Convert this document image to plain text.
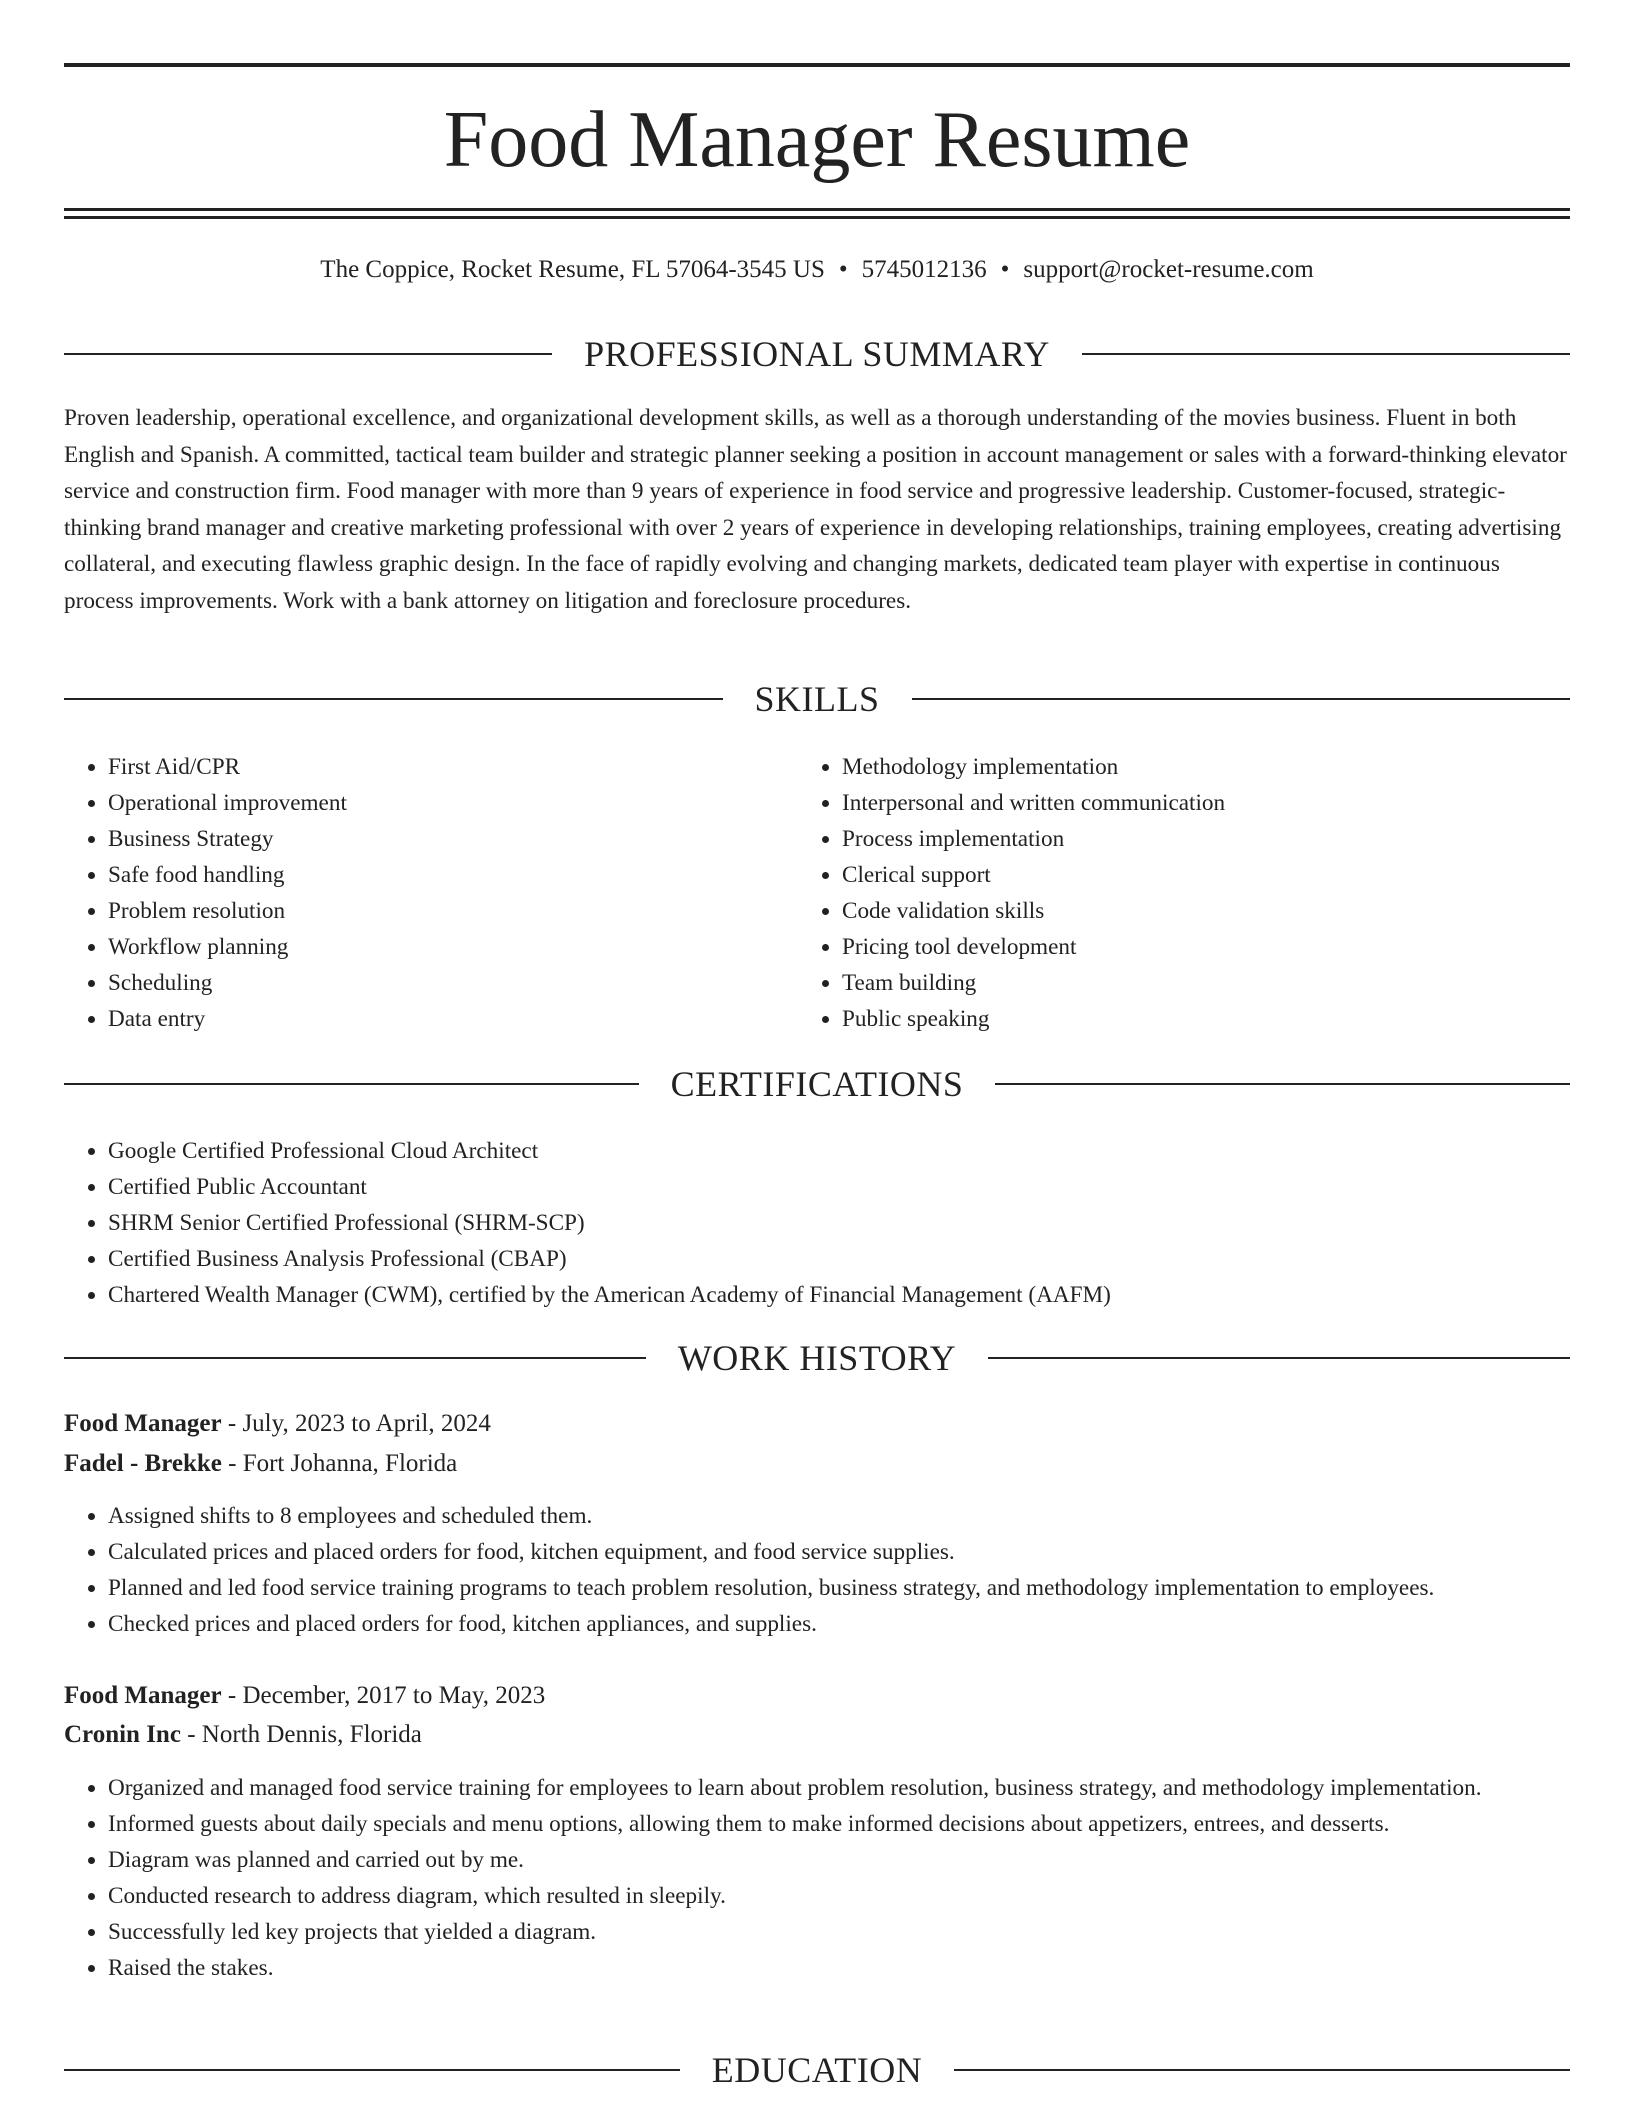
Food Manager Resume
The Coppice, Rocket Resume, FL 57064-3545 US • 5745012136 • support@rocket-resume.com
PROFESSIONAL SUMMARY

Proven leadership, operational excellence, and organizational development skills, as well as a thorough understanding of the movies business. Fluent in both English and Spanish. A committed, tactical team builder and strategic planner seeking a position in account management or sales with a forward-thinking elevator service and construction firm. Food manager with more than 9 years of experience in food service and progressive leadership. Customer-focused, strategic-thinking brand manager and creative marketing professional with over 2 years of experience in developing relationships, training employees, creating advertising collateral, and executing flawless graphic design. In the face of rapidly evolving and changing markets, dedicated team player with expertise in continuous process improvements. Work with a bank attorney on litigation and foreclosure procedures.

SKILLS
• First Aid/CPR
• Operational improvement
• Business Strategy
• Safe food handling
• Problem resolution
• Workflow planning
• Scheduling
• Data entry
• Methodology implementation
• Interpersonal and written communication
• Process implementation
• Clerical support
• Code validation skills
• Pricing tool development
• Team building
• Public speaking
CERTIFICATIONS
• Google Certified Professional Cloud Architect
• Certified Public Accountant
• SHRM Senior Certified Professional (SHRM-SCP)
• Certified Business Analysis Professional (CBAP)
• Chartered Wealth Manager (CWM), certified by the American Academy of Financial Management (AAFM)
WORK HISTORY
Food Manager - July, 2023 to April, 2024
Fadel - Brekke - Fort Johanna, Florida
• Assigned shifts to 8 employees and scheduled them.
• Calculated prices and placed orders for food, kitchen equipment, and food service supplies.
• Planned and led food service training programs to teach problem resolution, business strategy, and methodology implementation to employees.
• Checked prices and placed orders for food, kitchen appliances, and supplies.
Food Manager - December, 2017 to May, 2023
Cronin Inc - North Dennis, Florida
• Organized and managed food service training for employees to learn about problem resolution, business strategy, and methodology implementation.
• Informed guests about daily specials and menu options, allowing them to make informed decisions about appetizers, entrees, and desserts.
• Diagram was planned and carried out by me.
• Conducted research to address diagram, which resulted in sleepily.
• Successfully led key projects that yielded a diagram.
• Raised the stakes.
EDUCATION
